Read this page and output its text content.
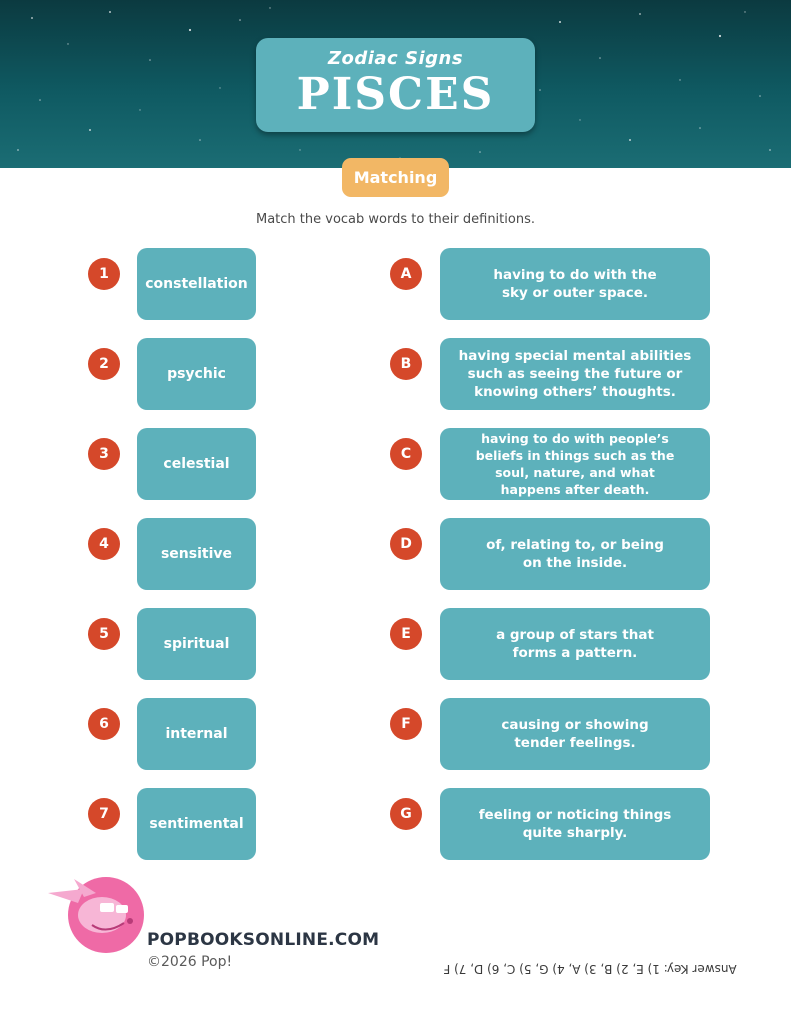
Zodiac Signs
PISCES
Matching
Match the vocab words to their definitions.
1
constellation
2
psychic
3
celestial
4
sensitive
5
spiritual
6
internal
7
sentimental
A	having to do with the
sky or outer space.
B	having special mental abilities
such as seeing the future or
knowing others’ thoughts.
C
having to do with people’s
beliefs in things such as the
soul, nature, and what
happens after death.
D	of, relating to, or being
on the inside.
E	a group of stars that
forms a pattern.
F	causing or showing
tender feelings.
G	feeling or noticing things
quite sharply.
POPBOOKSONLINE.COM
©2026 Pop!	Answer Key: 1) E, 2) B, 3) A, 4) G, 5) C, 6) D, 7) F
